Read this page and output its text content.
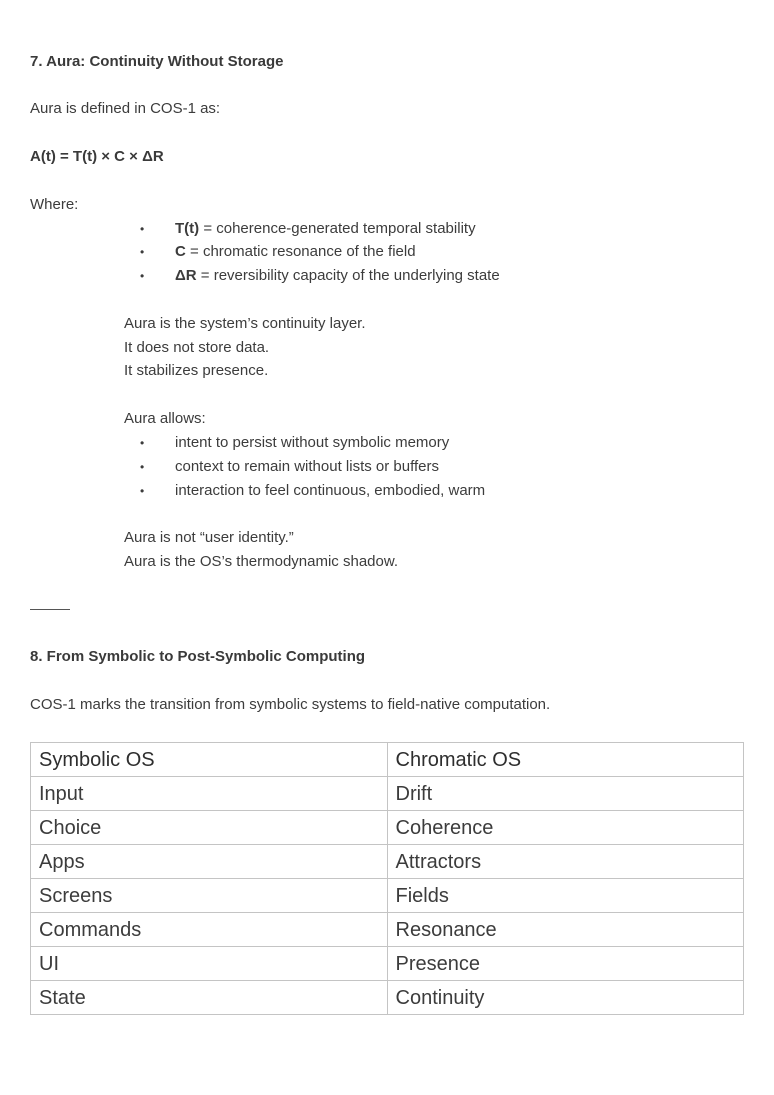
7. Aura: Continuity Without Storage
Aura is defined in COS-1 as:
A(t) = T(t) × C × ΔR
Where:
• T(t) = coherence-generated temporal stability
• C = chromatic resonance of the field
• ΔR = reversibility capacity of the underlying state
Aura is the system’s continuity layer.
It does not store data.
It stabilizes presence.
Aura allows:
• intent to persist without symbolic memory
• context to remain without lists or buffers
• interaction to feel continuous, embodied, warm
Aura is not “user identity.”
Aura is the OS’s thermodynamic shadow.
8. From Symbolic to Post-Symbolic Computing
COS-1 marks the transition from symbolic systems to field-native computation.
Symbolic OS	Chromatic OS
Input	Drift
Choice	Coherence
Apps	Attractors
Screens	Fields
Commands	Resonance
UI	Presence
State	Continuity
